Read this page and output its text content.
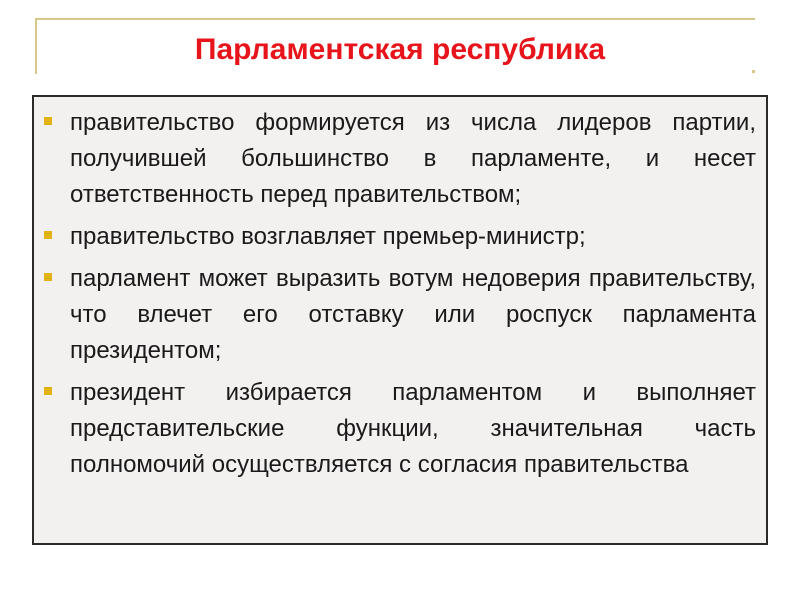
Парламентская республика
правительство формируется из числа лидеров партии, получившей большинство в парламенте, и несет ответственность перед правительством;
правительство возглавляет премьер-министр;
парламент может выразить вотум недоверия правительству, что влечет его отставку или роспуск парламента президентом;
президент избирается парламентом и выполняет представительские функции, значительная часть полномочий осуществляется с согласия правительства
